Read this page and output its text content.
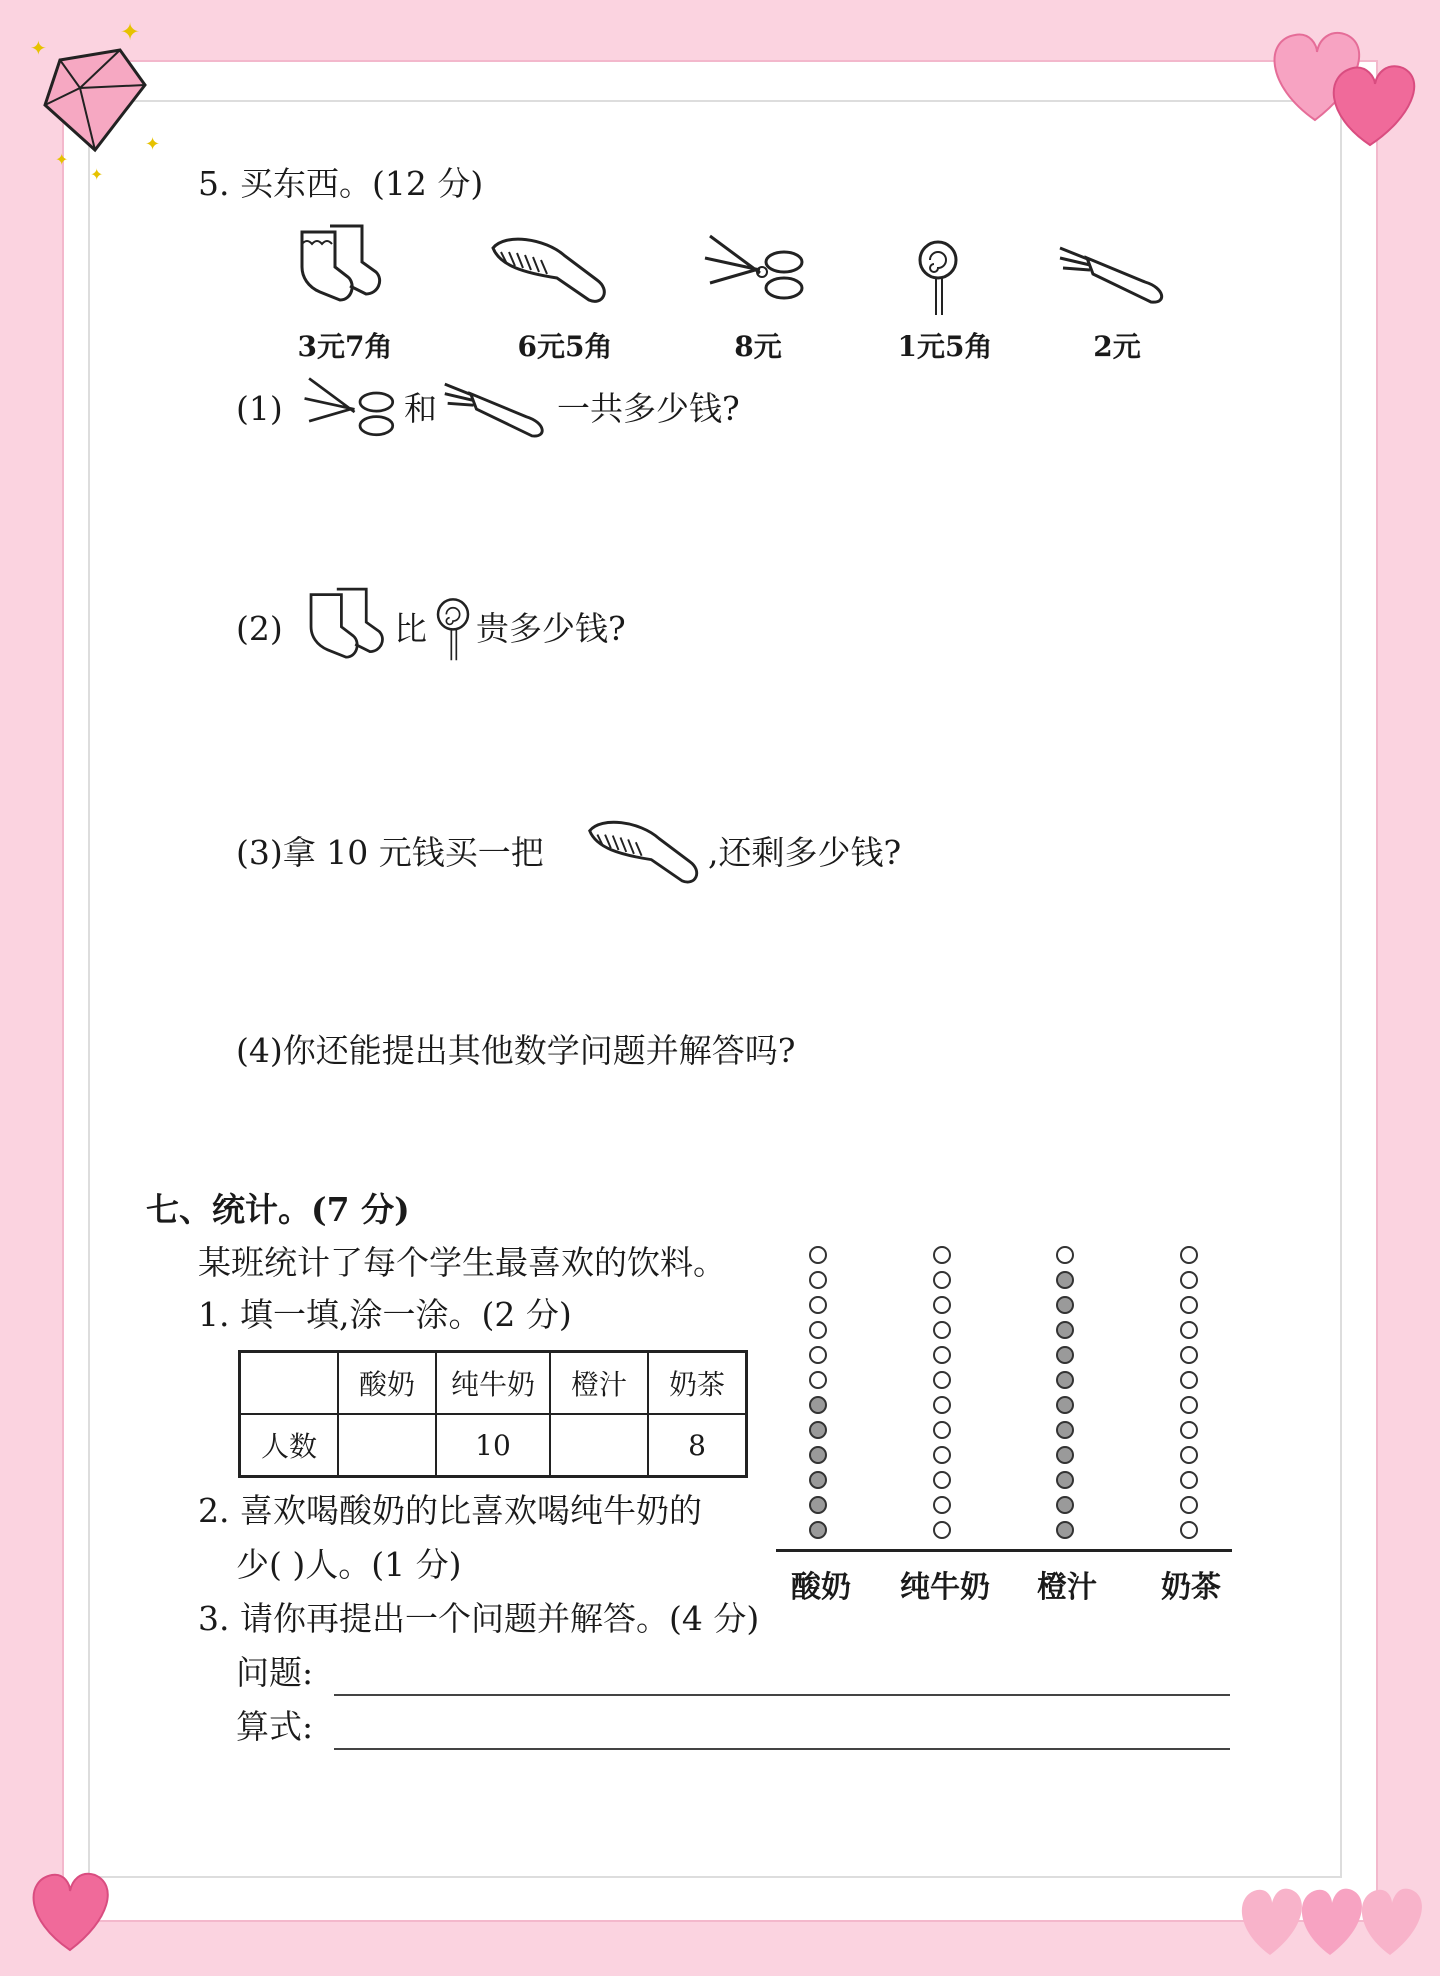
✦
✦
✦
✦
✦	5. 买东西。(12 分)
3元7角	6元5角	8元	1元5角	2元
(1)	和	一共多少钱?
(2)	比 贵多少钱?
(3)拿 10 元钱买一把	,还剩多少钱?
(4)你还能提出其他数学问题并解答吗?
七、统计。(7 分)
某班统计了每个学生最喜欢的饮料。
1. 填一填,涂一涂。(2 分)
	酸奶	纯牛奶	橙汁	奶茶
人数		10		8
2. 喜欢喝酸奶的比喜欢喝纯牛奶的
少( )人。(1 分)
3. 请你再提出一个问题并解答。(4 分)
问题:
算式:
酸奶	纯牛奶	橙汁	奶茶
